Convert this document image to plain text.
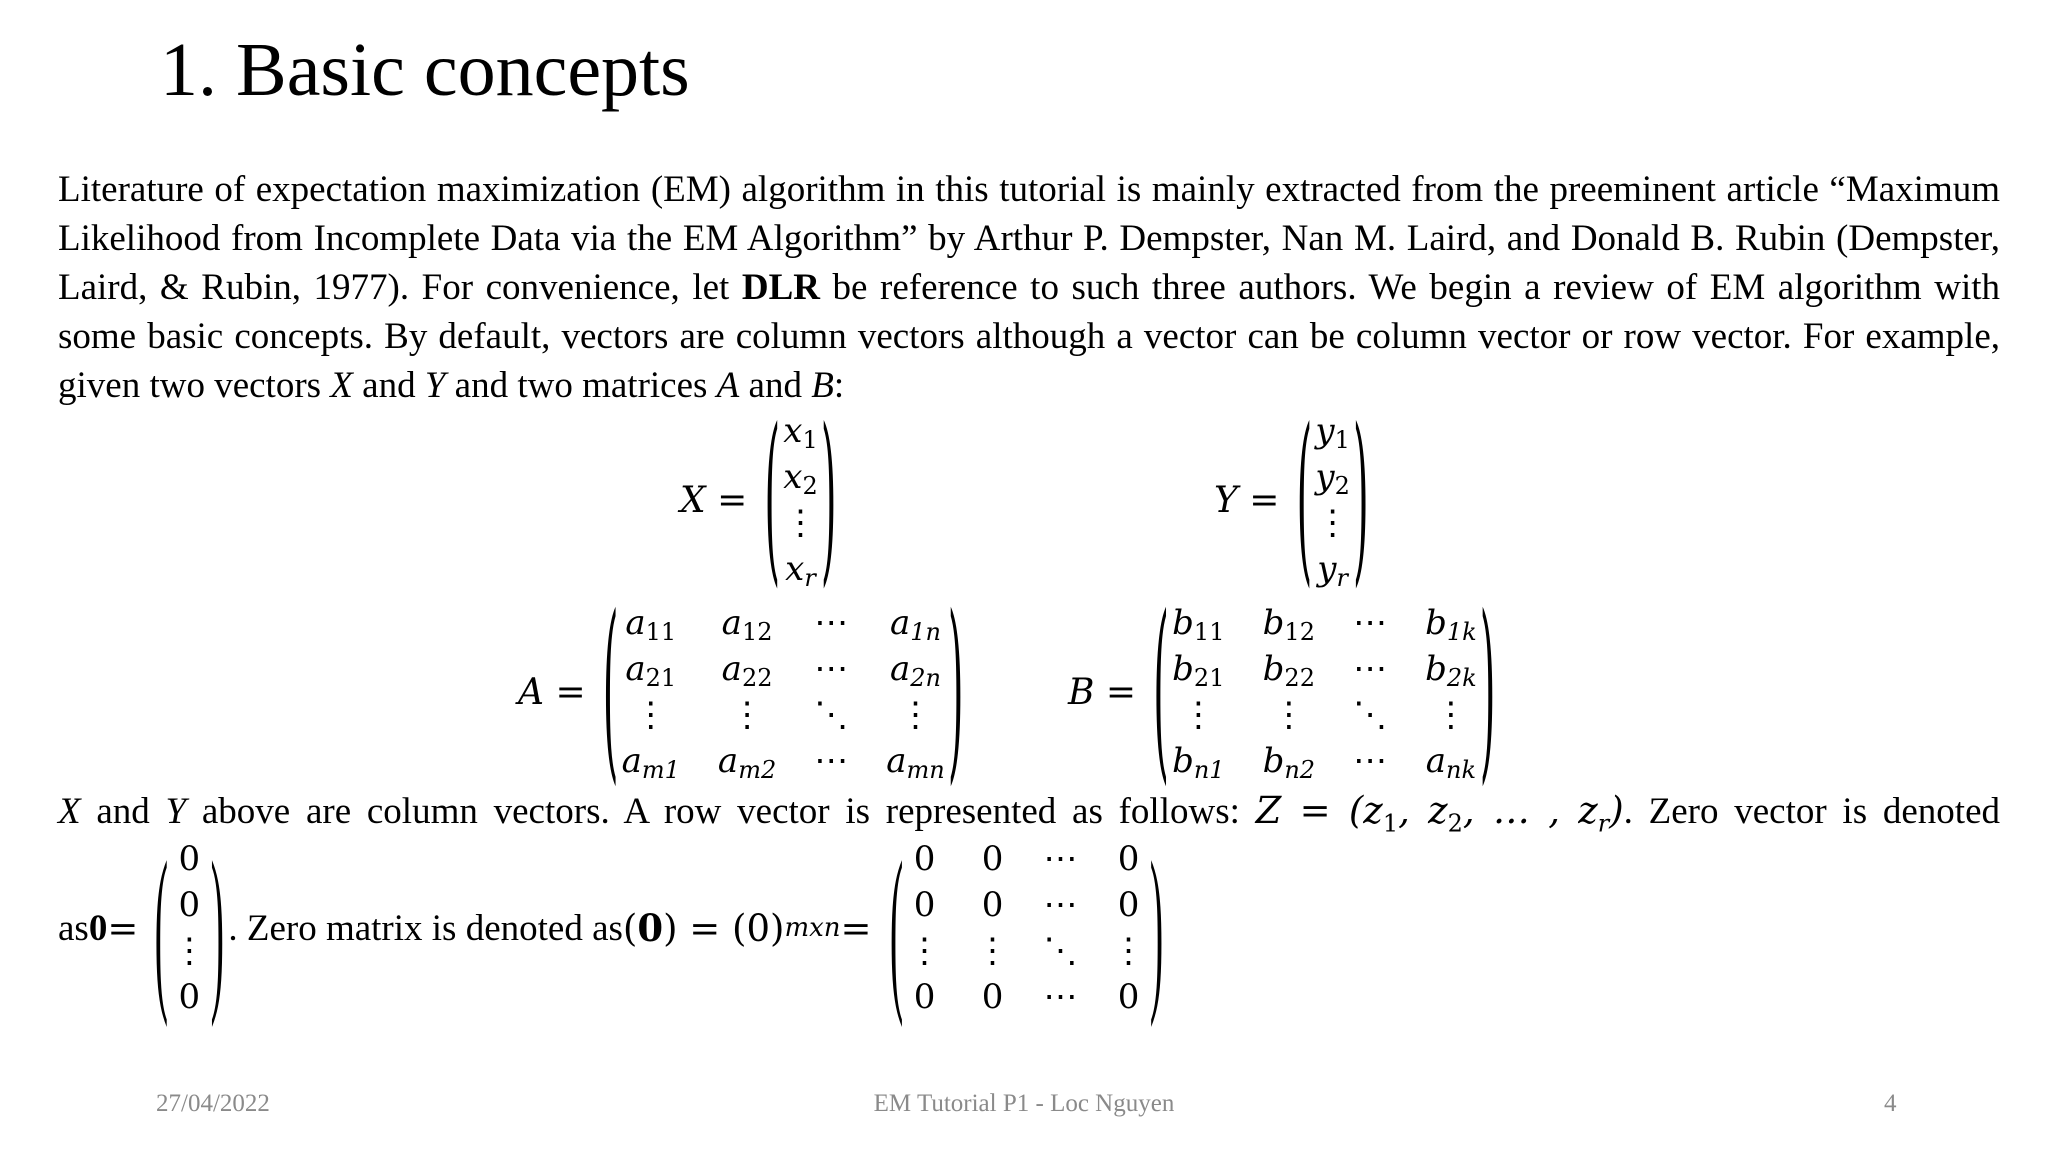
1. Basic concepts

Literature of expectation maximization (EM) algorithm in this tutorial is mainly extracted from the preeminent article “Maximum Likelihood from Incomplete Data via the EM Algorithm” by Arthur P. Dempster, Nan M. Laird, and Donald B. Rubin (Dempster, Laird, & Rubin, 1977). For convenience, let DLR be reference to such three authors. We begin a review of EM algorithm with some basic concepts. By default, vectors are column vectors although a vector can be column vector or row vector. For example, given two vectors X and Y and two matrices A and B:

X = ( $x_1$
$x_2$
⋮
$x_r$ )	Y = ( $y_1$
$y_2$
⋮
$y_r$ )
A = ( $a_{11}$ $a_{12}$ ⋯ $a_{1n}$
$a_{21}$ $a_{22}$ ⋯ $a_{2n}$
⋮ ⋮ ⋱ ⋮
$a_{m1}$ $a_{m2}$ ⋯ $a_{mn}$ )	B = ( $b_{11}$ $b_{12}$ ⋯ $b_{1k}$
$b_{21}$ $b_{22}$ ⋯ $b_{2k}$
⋮ ⋮ ⋱ ⋮
$b_{n1}$ $b_{n2}$ ⋯ $a_{nk}$ )

X and Y above are column vectors. A row vector is represented as follows: $Z = (z_1$, $z_2$, … , $z_r$). Zero vector is denoted

as 0 = ( 0
0
⋮
0 ) . Zero matrix is denoted as ( 0 ) = (0) mxn = ( 0 0 ⋯ 0
0 0 ⋯ 0
⋮ ⋮ ⋱ ⋮
0 0 ⋯ 0 )
27/04/2022	EM Tutorial P1 - Loc Nguyen	4
